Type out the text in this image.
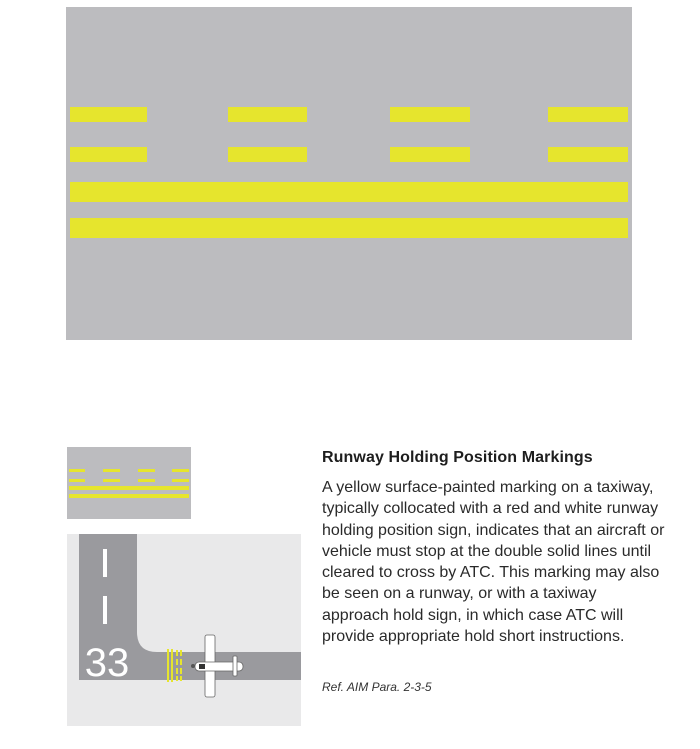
33
Runway Holding Position Markings

A yellow surface-painted marking on a taxiway, typically collocated with a red and white runway holding position sign, indicates that an aircraft or vehicle must stop at the double solid lines until cleared to cross by ATC. This marking may also be seen on a runway, or with a taxiway approach hold sign, in which case ATC will provide appropriate hold short instructions.

Ref. AIM Para. 2-3-5
